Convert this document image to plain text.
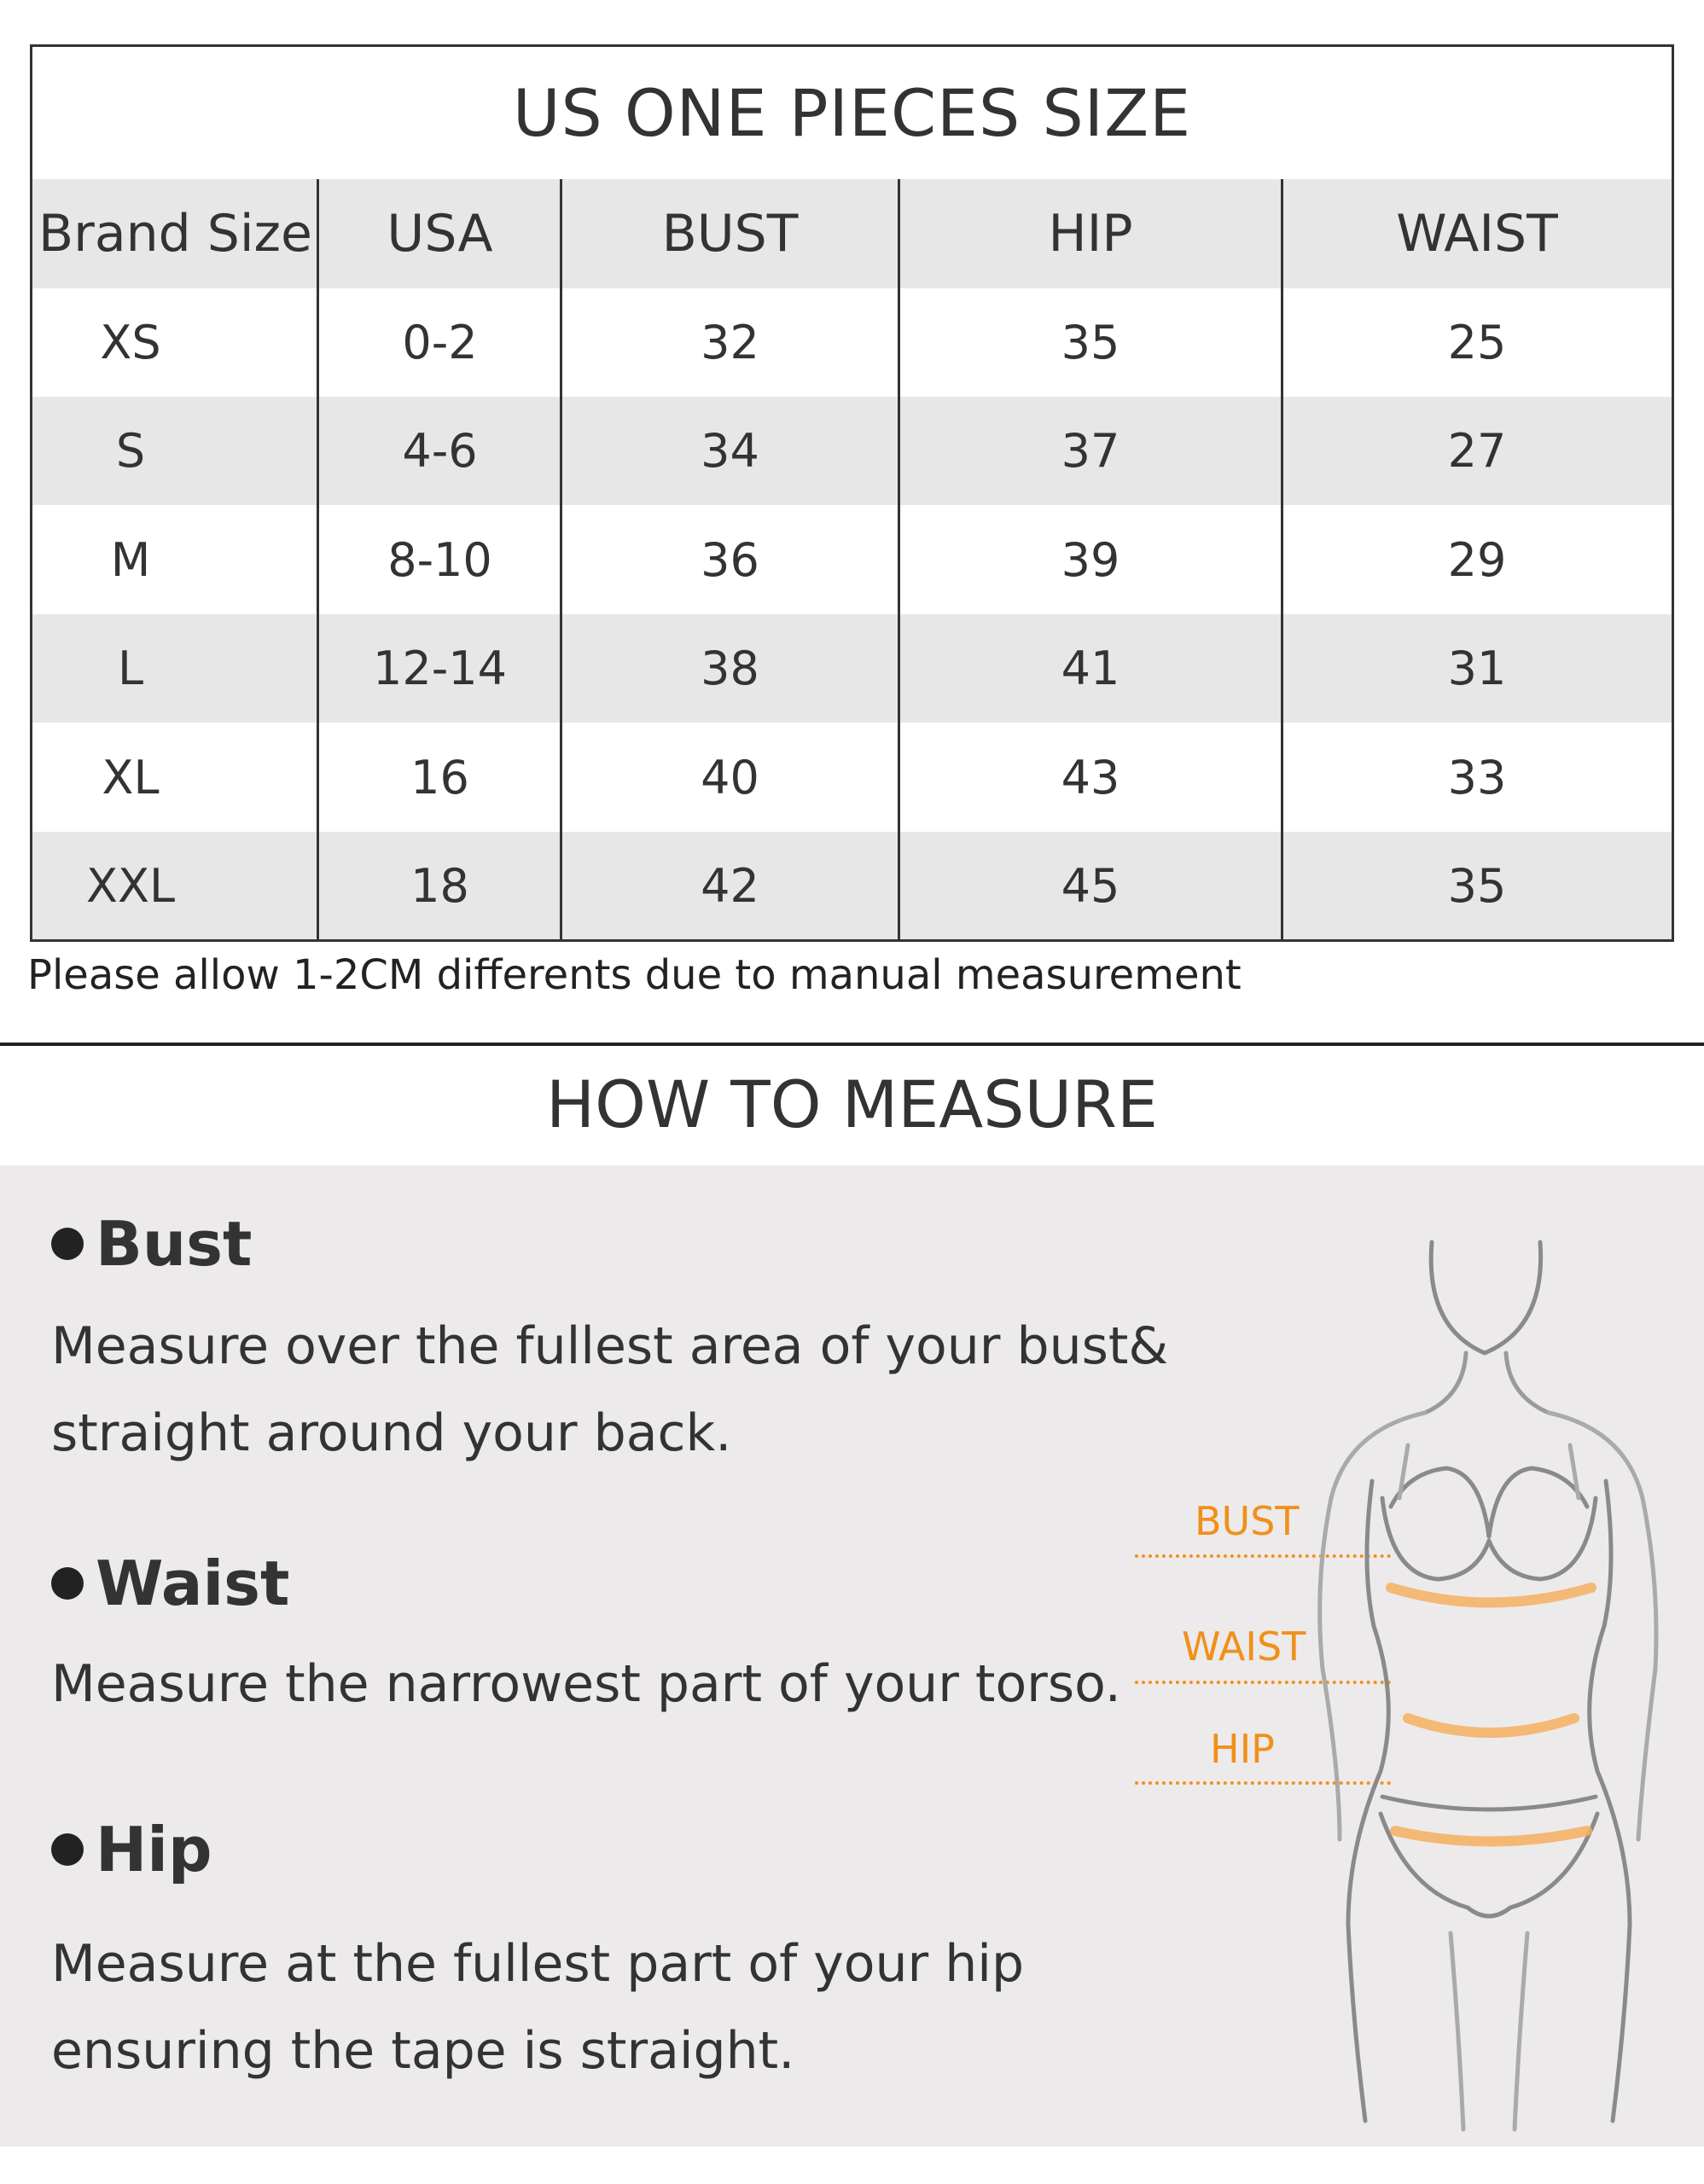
US ONE PIECES SIZE
Brand Size	USA	BUST	HIP	WAIST
XS	0-2	32	35	25
S	4-6	34	37	27
M	8-10	36	39	29
L	12-14	38	41	31
XL	16	40	43	33
XXL	18	42	45	35
Please allow 1-2CM differents due to manual measurement
HOW TO MEASURE
Bust
Measure over the fullest area of your bust&
straight around your back.
Waist
Measure the narrowest part of your torso.
Hip
Measure at the fullest part of your hip
ensuring the tape is straight.
BUST
WAIST
HIP
